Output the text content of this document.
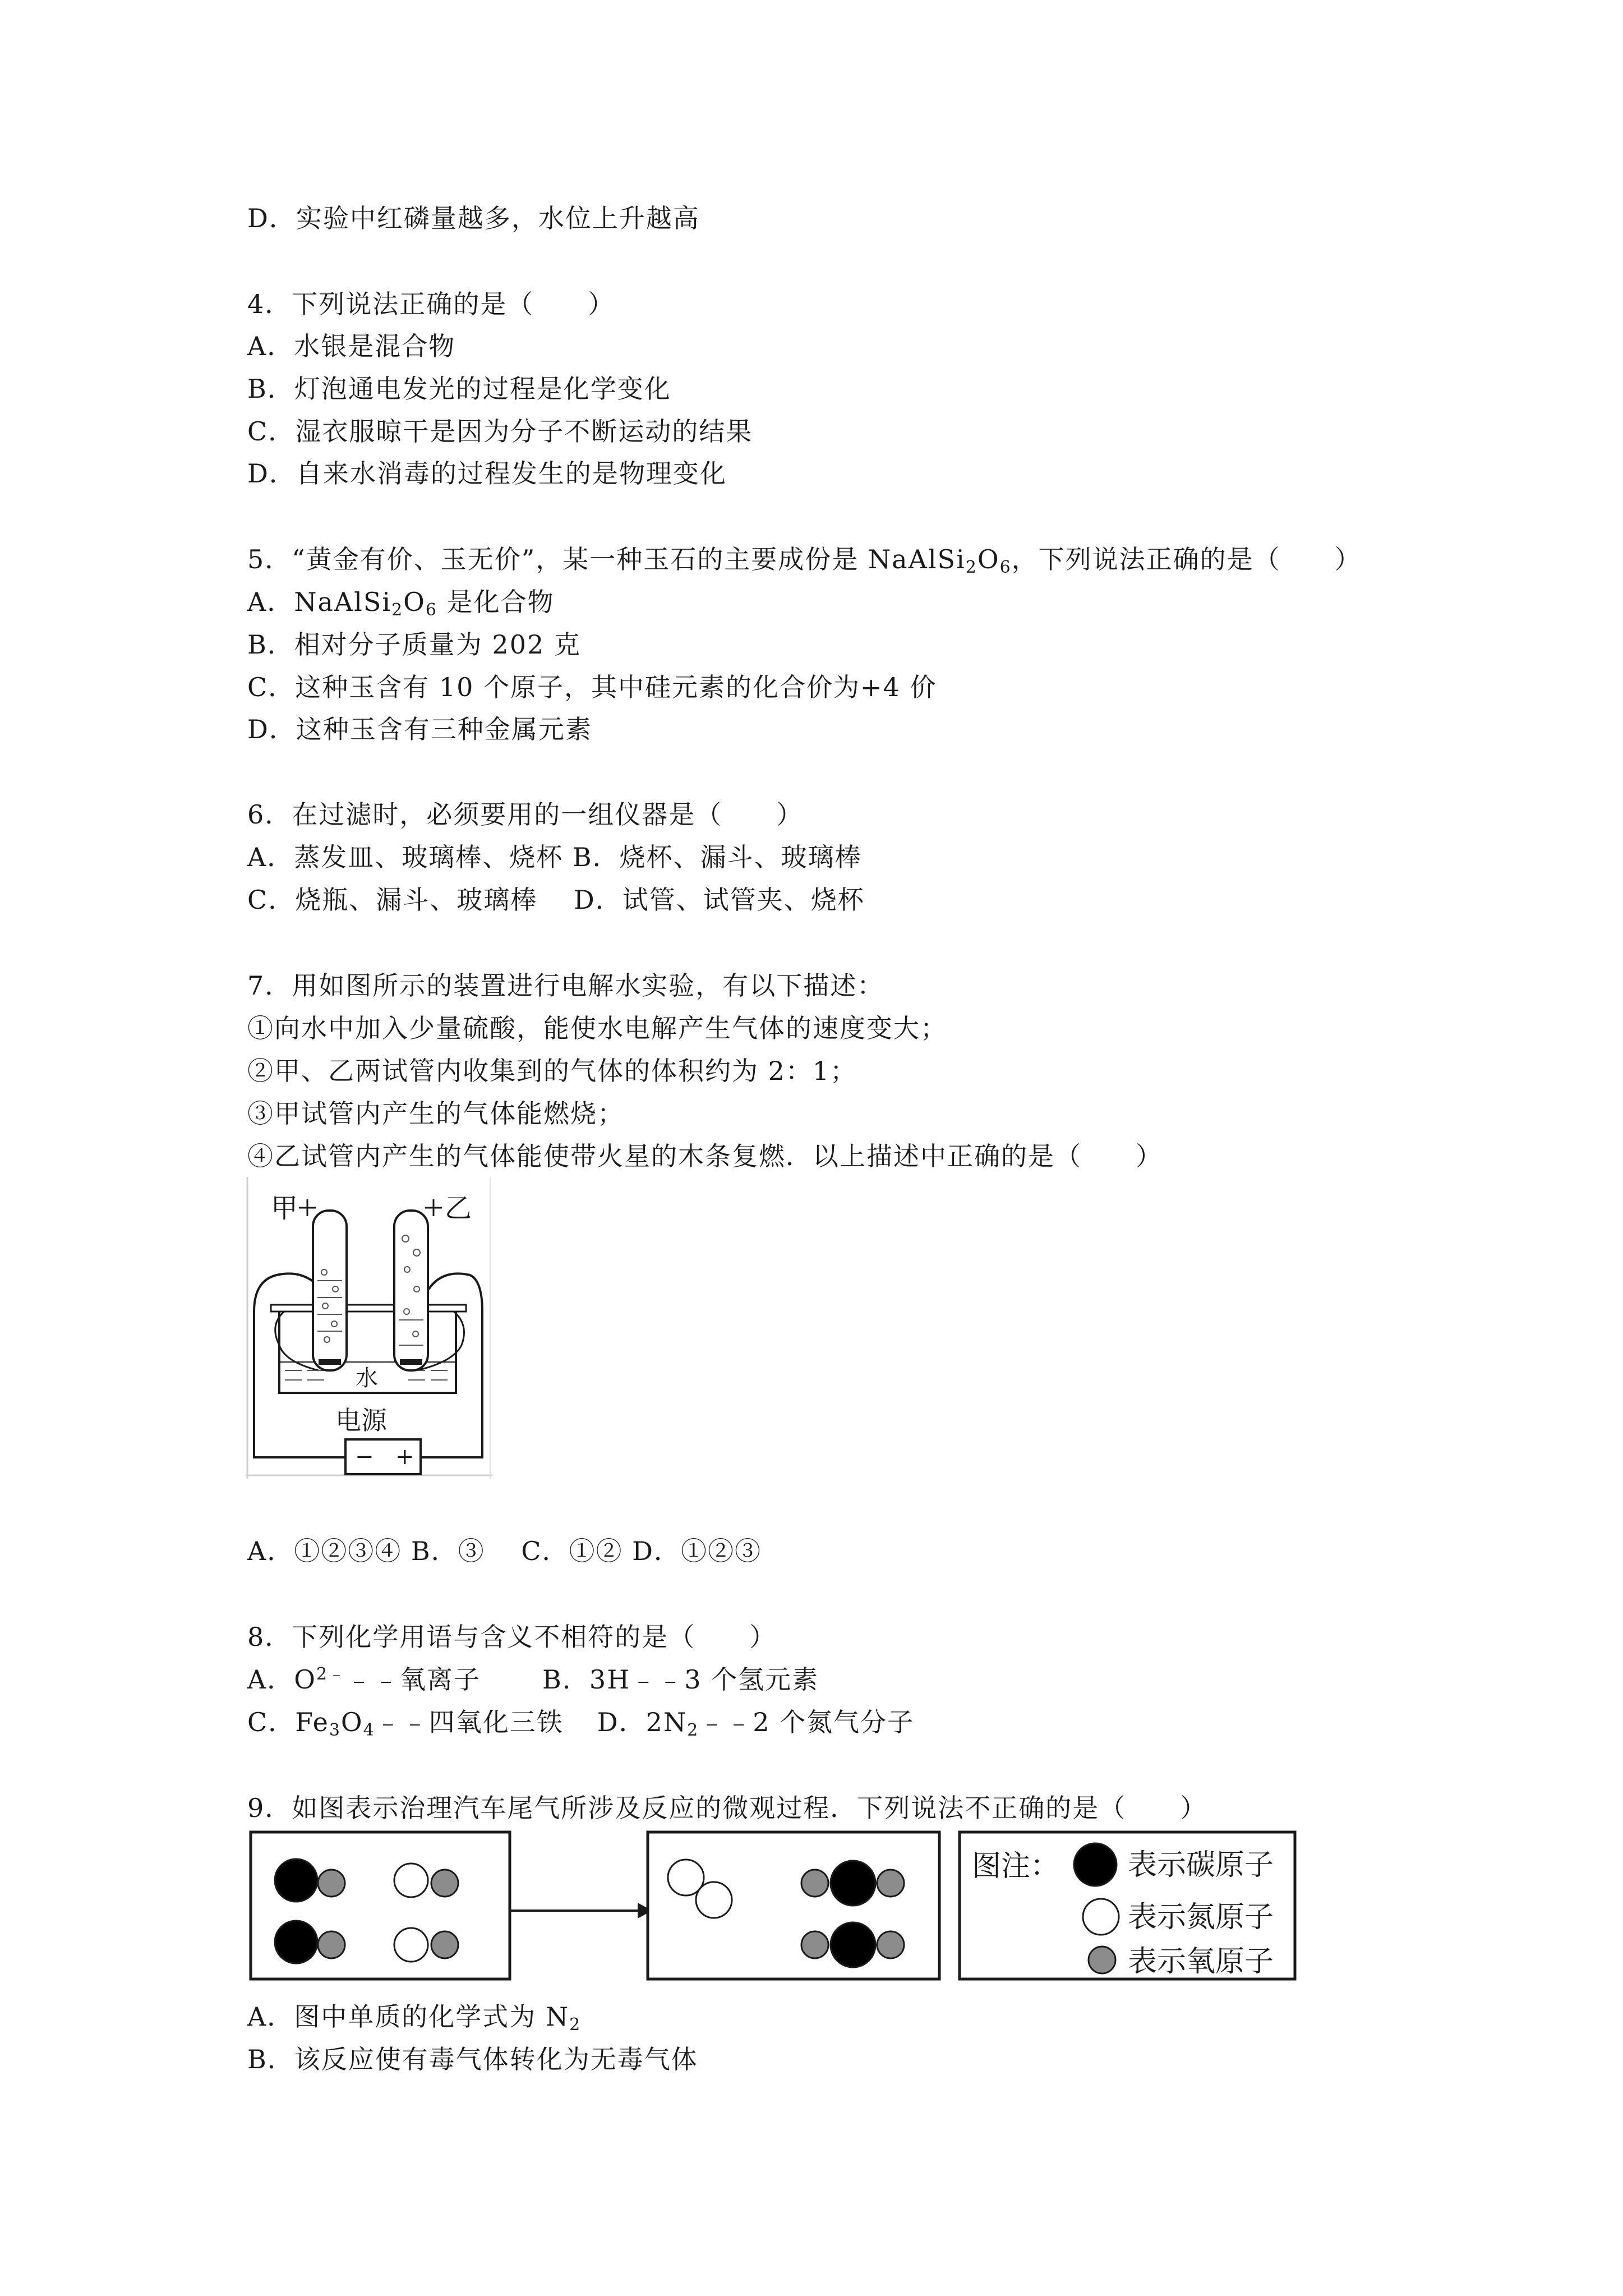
D．实验中红磷量越多，水位上升越高
4．下列说法正确的是（　　）
A．水银是混合物
B．灯泡通电发光的过程是化学变化
C．湿衣服晾干是因为分子不断运动的结果
D．自来水消毒的过程发生的是物理变化
5．“黄金有价、玉无价”，某一种玉石的主要成份是 $NaAlSi_2O_6$，下列说法正确的是（　　）
A．$NaAlSi_2O_6$ 是化合物
B．相对分子质量为 202 克
C．这种玉含有 10 个原子，其中硅元素的化合价为+4 价
D．这种玉含有三种金属元素
6．在过滤时，必须要用的一组仪器是（　　）
A．蒸发皿、玻璃棒、烧杯 B．烧杯、漏斗、玻璃棒
C．烧瓶、漏斗、玻璃棒　 D．试管、试管夹、烧杯
7．用如图所示的装置进行电解水实验，有以下描述：
①向水中加入少量硫酸，能使水电解产生气体的速度变大；
②甲、乙两试管内收集到的气体的体积约为 2：1；
③甲试管内产生的气体能燃烧；
④乙试管内产生的气体能使带火星的木条复燃．以上描述中正确的是（　　）
甲	乙
水
电源
− +
A．①②③④ B．③　 C．①② D．①②③
8．下列化学用语与含义不相符的是（　　）
A．$O^{2﹣}﹣﹣$氧离子 B．3H﹣﹣3 个氢元素
C．$Fe_3O_4﹣﹣$四氧化三铁 D．$2N_2﹣﹣2$ 个氮气分子
9．如图表示治理汽车尾气所涉及反应的微观过程．下列说法不正确的是（　　）
图注： 表示碳原子
表示氮原子
表示氧原子
A．图中单质的化学式为 $N_2$
B．该反应使有毒气体转化为无毒气体
